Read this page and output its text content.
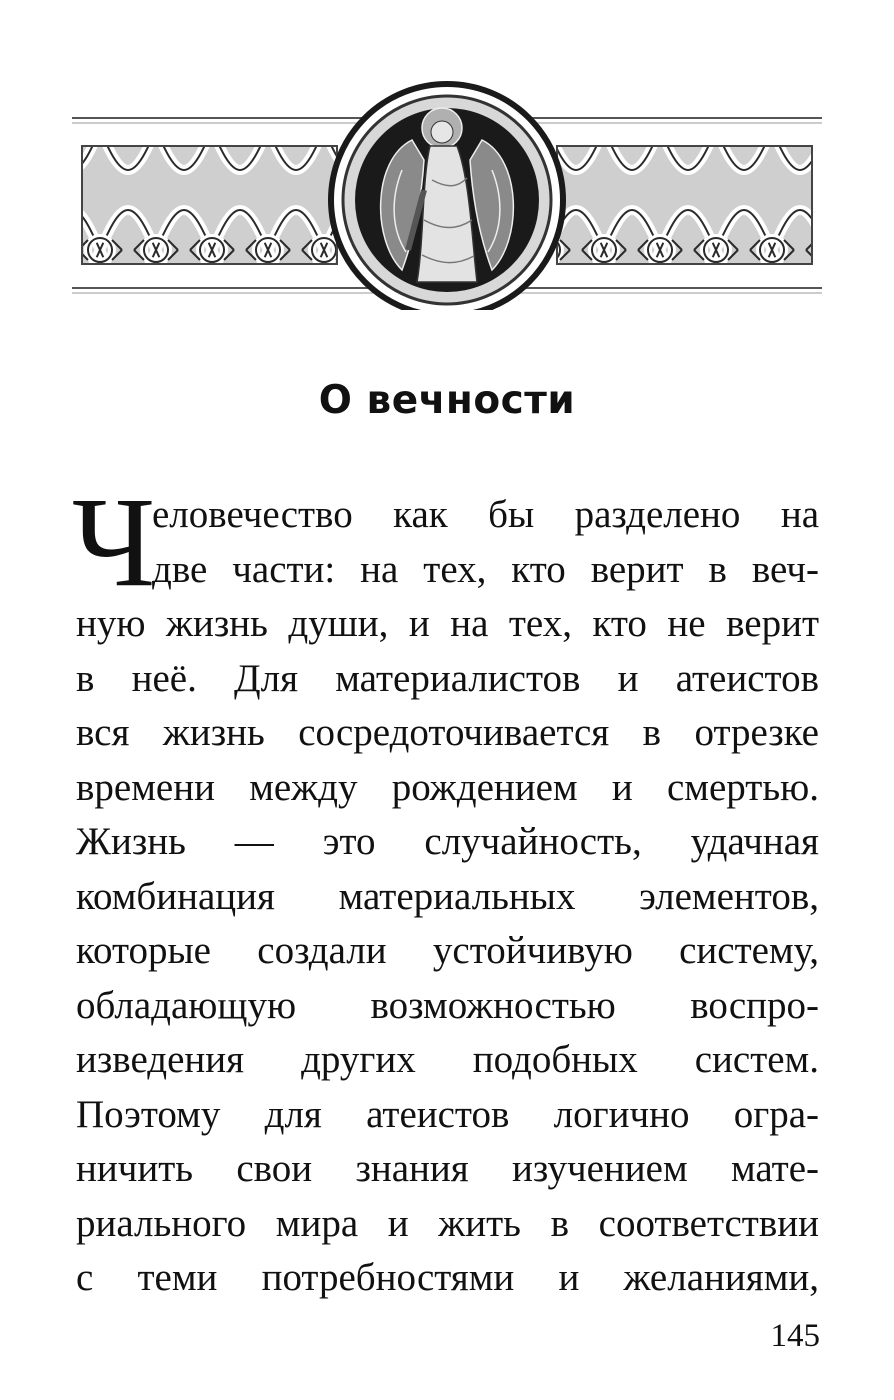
О вечности
Ч
еловечество как бы разделено на
две части: на тех, кто верит в веч-
ную жизнь души, и на тех, кто не верит
в неё. Для материалистов и атеистов
вся жизнь сосредоточивается в отрезке
времени между рождением и смертью.
Жизнь — это случайность, удачная
комбинация материальных элементов,
которые создали устойчивую систему,
обладающую возможностью воспро-
изведения других подобных систем.
Поэтому для атеистов логично огра-
ничить свои знания изучением мате-
риального мира и жить в соответствии
с теми потребностями и желаниями,
145
